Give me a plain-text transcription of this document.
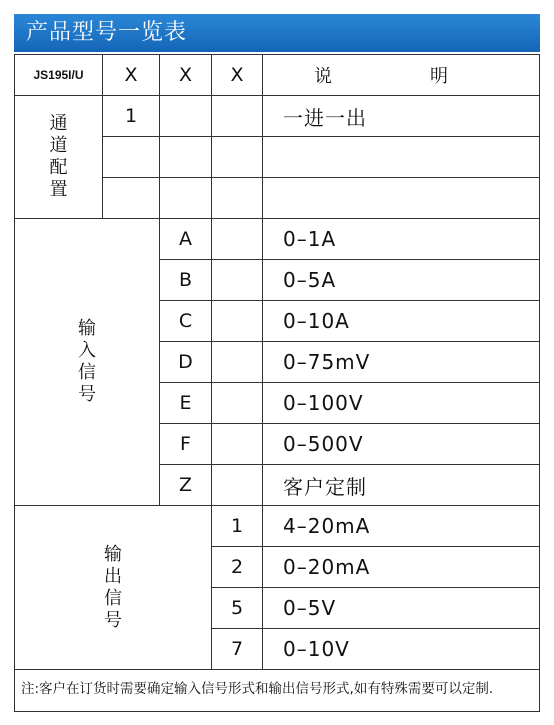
产品型号一览表
JS195I/U	X	X	X	说　明

通
道
配
置	1			一进一出

输
入
信
号		A		0–1A
		B		0–5A
		C		0–10A
		D		0–75mV
		E		0–100V
		F		0–500V
		Z		客户定制

输
出
信
号			1	4–20mA
			2	0–20mA
			5	0–5V
			7	0–10V
注:客户在订货时需要确定输入信号形式和输出信号形式,如有特殊需要可以定制.
